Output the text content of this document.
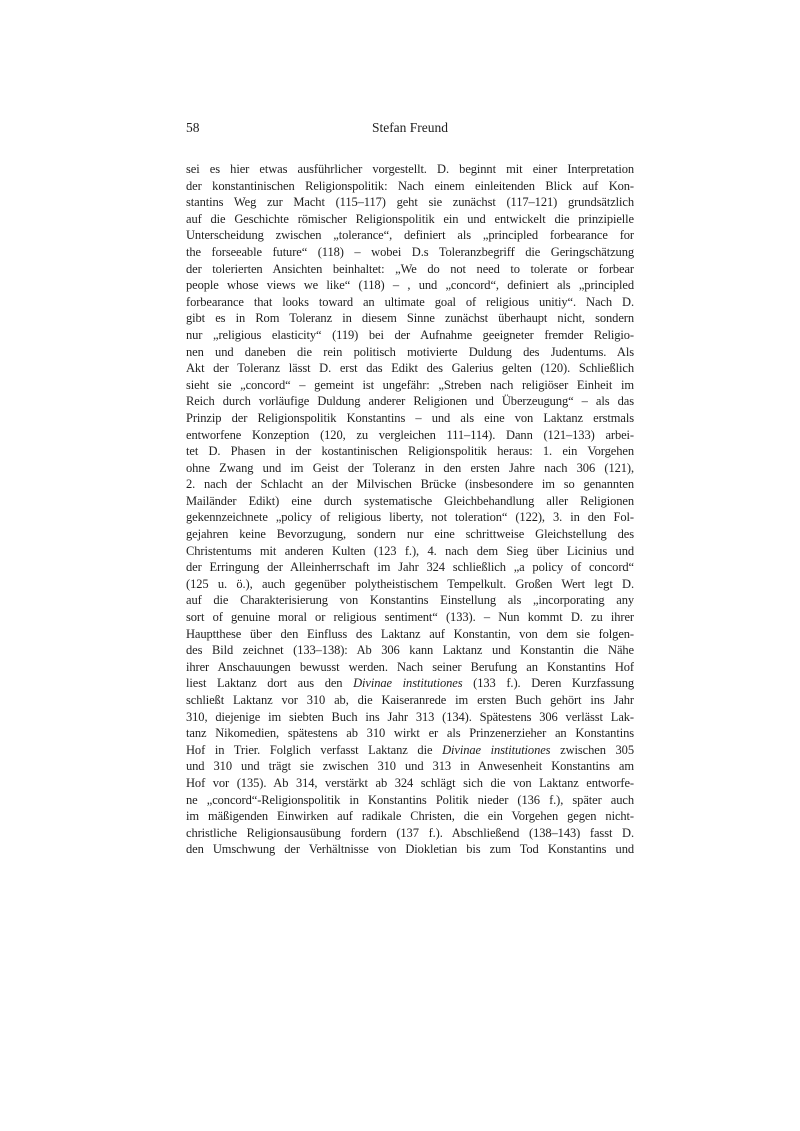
58	Stefan Freund
sei es hier etwas ausführlicher vorgestellt. D. beginnt mit einer Interpretation
der konstantinischen Religionspolitik: Nach einem einleitenden Blick auf Kon-
stantins Weg zur Macht (115–117) geht sie zunächst (117–121) grundsätzlich
auf die Geschichte römischer Religionspolitik ein und entwickelt die prinzipielle
Unterscheidung zwischen „tolerance“, definiert als „principled forbearance for
the forseeable future“ (118) – wobei D.s Toleranzbegriff die Geringschätzung
der tolerierten Ansichten beinhaltet: „We do not need to tolerate or forbear
people whose views we like“ (118) – , und „concord“, definiert als „principled
forbearance that looks toward an ultimate goal of religious unitiy“. Nach D.
gibt es in Rom Toleranz in diesem Sinne zunächst überhaupt nicht, sondern
nur „religious elasticity“ (119) bei der Aufnahme geeigneter fremder Religio-
nen und daneben die rein politisch motivierte Duldung des Judentums. Als
Akt der Toleranz lässt D. erst das Edikt des Galerius gelten (120). Schließlich
sieht sie „concord“ – gemeint ist ungefähr: „Streben nach religiöser Einheit im
Reich durch vorläufige Duldung anderer Religionen und Überzeugung“ – als das
Prinzip der Religionspolitik Konstantins – und als eine von Laktanz erstmals
entworfene Konzeption (120, zu vergleichen 111–114). Dann (121–133) arbei-
tet D. Phasen in der kostantinischen Religionspolitik heraus: 1. ein Vorgehen
ohne Zwang und im Geist der Toleranz in den ersten Jahre nach 306 (121),
2. nach der Schlacht an der Milvischen Brücke (insbesondere im so genannten
Mailänder Edikt) eine durch systematische Gleichbehandlung aller Religionen
gekennzeichnete „policy of religious liberty, not toleration“ (122), 3. in den Fol-
gejahren keine Bevorzugung, sondern nur eine schrittweise Gleichstellung des
Christentums mit anderen Kulten (123 f.), 4. nach dem Sieg über Licinius und
der Erringung der Alleinherrschaft im Jahr 324 schließlich „a policy of concord“
(125 u. ö.), auch gegenüber polytheistischem Tempelkult. Großen Wert legt D.
auf die Charakterisierung von Konstantins Einstellung als „incorporating any
sort of genuine moral or religious sentiment“ (133). – Nun kommt D. zu ihrer
Hauptthese über den Einfluss des Laktanz auf Konstantin, von dem sie folgen-
des Bild zeichnet (133–138): Ab 306 kann Laktanz und Konstantin die Nähe
ihrer Anschauungen bewusst werden. Nach seiner Berufung an Konstantins Hof
liest Laktanz dort aus den Divinae institutiones (133 f.). Deren Kurzfassung
schließt Laktanz vor 310 ab, die Kaiseranrede im ersten Buch gehört ins Jahr
310, diejenige im siebten Buch ins Jahr 313 (134). Spätestens 306 verlässt Lak-
tanz Nikomedien, spätestens ab 310 wirkt er als Prinzenerzieher an Konstantins
Hof in Trier. Folglich verfasst Laktanz die Divinae institutiones zwischen 305
und 310 und trägt sie zwischen 310 und 313 in Anwesenheit Konstantins am
Hof vor (135). Ab 314, verstärkt ab 324 schlägt sich die von Laktanz entworfe-
ne „concord“-Religionspolitik in Konstantins Politik nieder (136 f.), später auch
im mäßigenden Einwirken auf radikale Christen, die ein Vorgehen gegen nicht-
christliche Religionsausübung fordern (137 f.). Abschließend (138–143) fasst D.
den Umschwung der Verhältnisse von Diokletian bis zum Tod Konstantins und
